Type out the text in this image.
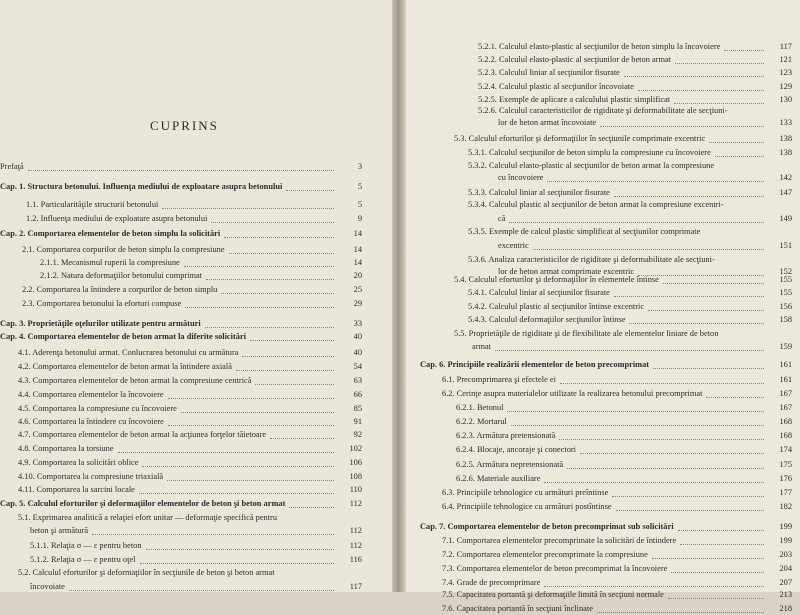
CUPRINS
Prefaţă	3
Cap. 1. Structura betonului. Influenţa mediului de exploatare asupra betonului	5
1.1. Particularităţile structurii betonului	5
1.2. Influenţa mediului de exploatare asupra betonului	9
Cap. 2. Comportarea elementelor de beton simplu la solicitări	14
2.1. Comportarea corpurilor de beton simplu la compresiune	14
2.1.1. Mecanismul ruperii la compresiune	14
2.1.2. Natura deformaţiilor betonului comprimat	20
2.2. Comportarea la întindere a corpurilor de beton simplu	25
2.3. Comportarea betonului la eforturi compuse	29
Cap. 3. Proprietăţile oţelurilor utilizate pentru armături	33
Cap. 4. Comportarea elementelor de beton armat la diferite solicitări	40
4.1. Aderenţa betonului armat. Conlucrarea betonului cu armătura	40
4.2. Comportarea elementelor de beton armat la întindere axială	54
4.3. Comportarea elementelor de beton armat la compresiune centrică	63
4.4. Comportarea elementelor la încovoiere	66
4.5. Comportarea la compresiune cu încovoiere	85
4.6. Comportarea la întindere cu încovoiere	91
4.7. Comportarea elementelor de beton armat la acţiunea forţelor tăietoare	92
4.8. Comportarea la torsiune	102
4.9. Comportarea la solicitări oblice	106
4.10. Comportarea la compresiune triaxială	108
4.11. Comportarea la sarcini locale	110
Cap. 5. Calculul eforturilor şi deformaţiilor elementelor de beton şi beton armat	112
5.1. Exprimarea analitică a relaţiei efort unitar — deformaţie specifică pentru
beton şi armătură	112
5.1.1. Relaţia σ — ε pentru beton	112
5.1.2. Relaţia σ — ε pentru oţel	116
5.2. Calculul eforturilor şi deformaţiilor în secţiunile de beton şi beton armat
încovoiate	117
5.2.1. Calculul elasto-plastic al secţiunilor de beton simplu la încovoiere	117
5.2.2. Calculul elasto-plastic al secţiunilor de beton armat	121
5.2.3. Calculul liniar al secţiunilor fisurate	123
5.2.4. Calculul plastic al secţiunilor încovoiate	129
5.2.5. Exemple de aplicare a calculului plastic simplificat	130
5.2.6. Calculul caracteristicilor de rigiditate şi deformabilitate ale secţiuni-
lor de beton armat încovoiate	133
5.3. Calculul eforturilor şi deformaţiilor în secţiunile comprimate excentric	138
5.3.1. Calculul secţiunilor de beton simplu la compresiune cu încovoiere	138
5.3.2. Calculul elasto-plastic al secţiunilor de beton armat la compresiune
cu încovoiere	142
5.3.3. Calculul liniar al secţiunilor fisurate	147
5.3.4. Calculul plastic al secţiunilor de beton armat la compresiune excentri-
că	149
5.3.5. Exemple de calcul plastic simplificat al secţiunilor comprimate
excentric	151
5.3.6. Analiza caracteristicilor de rigiditate şi deformabilitate ale secţiuni-
lor de beton armat comprimate excentric	152
5.4. Calculul eforturilor şi deformaţiilor în elementele întinse	155
5.4.1. Calculul liniar al secţiunilor fisurate	155
5.4.2. Calculul plastic al secţiunilor întinse excentric	156
5.4.3. Calculul deformaţiilor secţiunilor întinse	158
5.5. Proprietăţile de rigiditate şi de flexibilitate ale elementelor liniare de beton
armat	159
Cap. 6. Principiile realizării elementelor de beton precomprimat	161
6.1. Precomprimarea şi efectele ei	161
6.2. Cerinţe asupra materialelor utilizate la realizarea betonului precomprimat	167
6.2.1. Betonul	167
6.2.2. Mortarul	168
6.2.3. Armătura pretensionată	168
6.2.4. Blocaje, ancoraje şi conectori	174
6.2.5. Armătura nepretensionată	175
6.2.6. Materiale auxiliare	176
6.3. Principiile tehnologice cu armături preîntinse	177
6.4. Principiile tehnologice cu armături postîntinse	182
Cap. 7. Comportarea elementelor de beton precomprimat sub solicitări	199
7.1. Comportarea elementelor precomprimate la solicitări de întindere	199
7.2. Comportarea elementelor precomprimate la compresiune	203
7.3. Comportarea elementelor de beton precomprimat la încovoiere	204
7.4. Grade de precomprimare	207
7.5. Capacitatea portantă şi deformaţiile limită în secţiuni normale	213
7.6. Capacitatea portantă în secţiuni înclinate	218
